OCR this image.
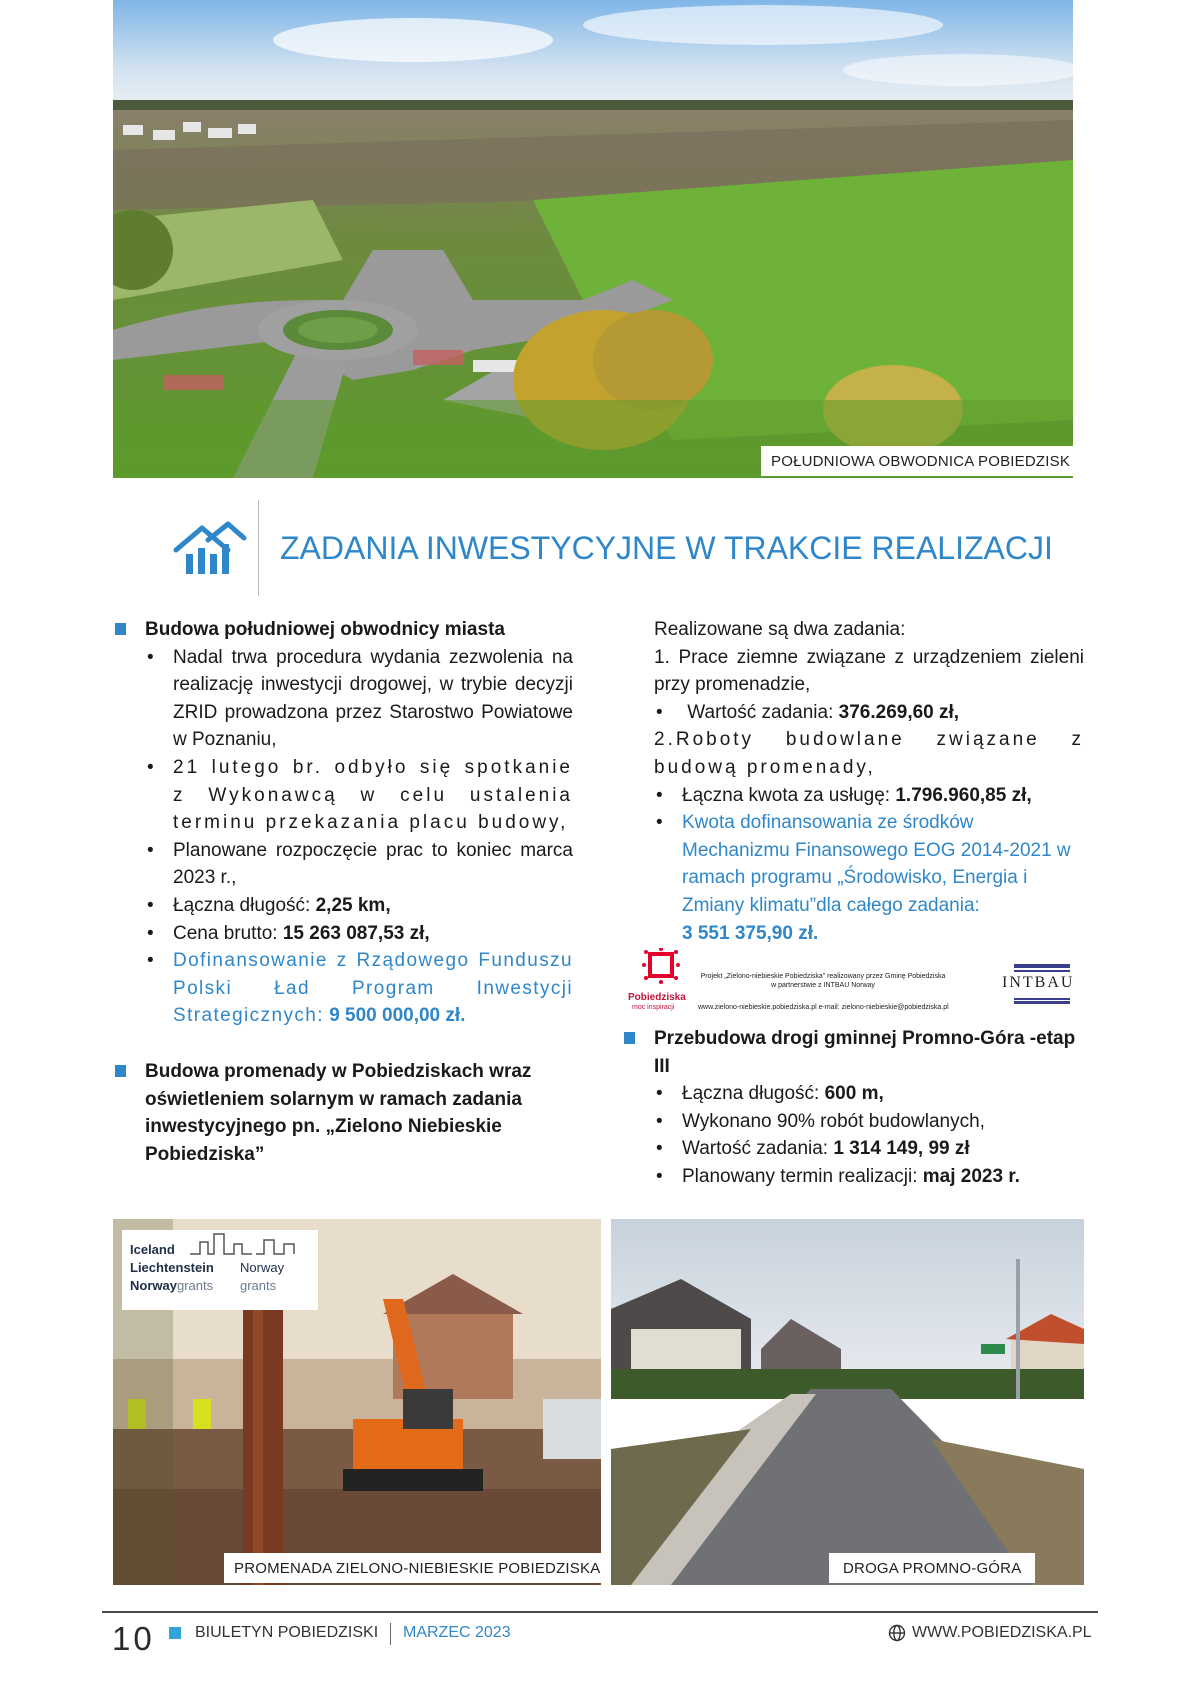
POŁUDNIOWA OBWODNICA POBIEDZISK
ZADANIA INWESTYCYJNE W TRAKCIE REALIZACJI
Budowa południowej obwodnicy miasta
• Nadal trwa procedura wydania zezwolenia na realizację inwestycji drogowej, w trybie decyzji ZRID prowadzona przez Starostwo Powiatowe w Poznaniu,
• 21 lutego br. odbyło się spotkanie z Wykonawcą w celu ustalenia terminu przekazania placu budowy,
• Planowane rozpoczęcie prac to koniec marca 2023 r.,
• Łączna długość: 2,25 km,
• Cena brutto: 15 263 087,53 zł,
• Dofinansowanie z Rządowego Funduszu Polski Ład Program Inwestycji Strategicznych: 9 500 000,00 zł.
Budowa promenady w Pobiedziskach wraz oświetleniem solarnym w ramach zadania inwestycyjnego pn. „Zielono Niebieskie Pobiedziska”

Realizowane są dwa zadania:

1. Prace ziemne związane z urządzeniem zieleni przy promenadzie,

• Wartość zadania: 376.269,60 zł,

2.Roboty budowlane związane z budową promenady,

• Łączna kwota za usługę: 1.796.960,85 zł,
• Kwota dofinansowania ze środków Mechanizmu Finansowego EOG 2014-2021 w ramach programu „Środowisko, Energia i Zmiany klimatu”dla całego zadania:
3 551 375,90 zł.
Pobiedziska
moc inspiracji
Projekt „Zielono-niebieskie Pobiedziska” realizowany przez Gminę Pobiedziska w partnerstwie z INTBAU Norway
www.zielono-niebieskie.pobiedziska.pl e-mail: zielono-niebieskie@pobiedziska.pl
INTBAU
Przebudowa drogi gminnej Promno-Góra -etap III
• Łączna długość: 600 m,
• Wykonano 90% robót budowlanych,
• Wartość zadania: 1 314 149, 99 zł
• Planowany termin realizacji: maj 2023 r.
Iceland
Liechtenstein
Norwaygrants
Norway
grants
PROMENADA ZIELONO-NIEBIESKIE POBIEDZISKA	DROGA PROMNO-GÓRA
10	BIULETYN POBIEDZISKI MARZEC 2023	WWW.POBIEDZISKA.PL
